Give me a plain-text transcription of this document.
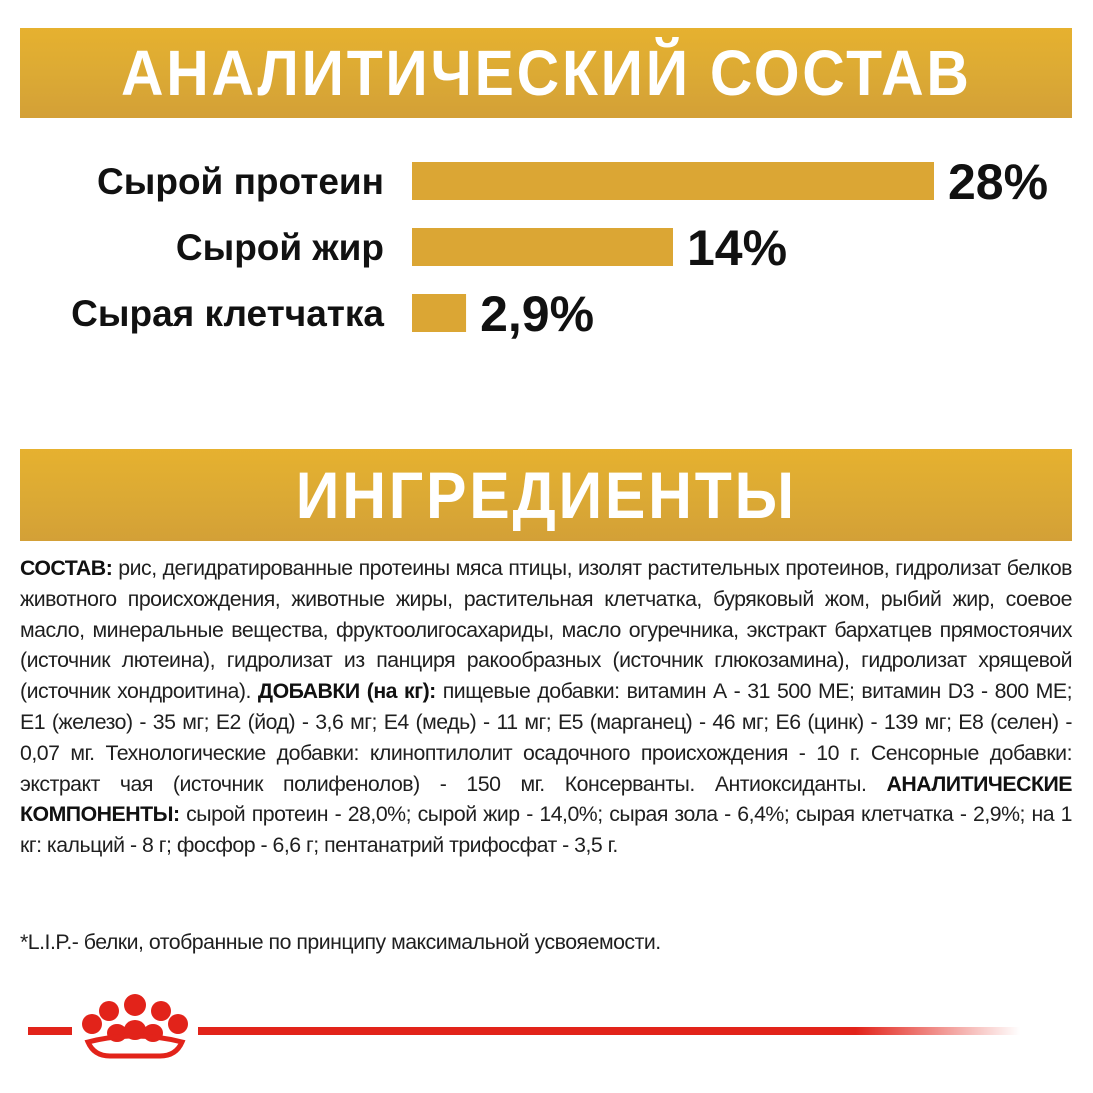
АНАЛИТИЧЕСКИЙ СОСТАВ
Сырой протеин	28%
Сырой жир	14%
Сырая клетчатка 2,9%
ИНГРЕДИЕНТЫ

СОСТАВ: рис, дегидратированные протеины мяса птицы, изолят растительных протеинов, гидролизат белков животного происхождения, животные жиры, растительная клетчатка, буряковый жом, рыбий жир, соевое масло, минеральные вещества, фруктоолигосахариды, масло огуречника, экстракт бархатцев прямостоячих (источник лютеина), гидролизат из панциря ракообразных (источник глюкозамина), гидролизат хрящевой (источник хондроитина). ДОБАВКИ (на кг): пищевые добавки: витамин А - 31 500 МЕ; витамин D3 - 800 МЕ; Е1 (железо) - 35 мг; Е2 (йод) - 3,6 мг; Е4 (медь) - 11 мг; Е5 (марганец) - 46 мг; Е6 (цинк) - 139 мг; Е8 (селен) - 0,07 мг. Технологические добавки: клиноптилолит осадочного происхождения - 10 г. Сенсорные добавки: экстракт чая (источник полифенолов) - 150 мг. Консерванты. Антиоксиданты. АНАЛИТИЧЕСКИЕ КОМПОНЕНТЫ: сырой протеин - 28,0%; сырой жир - 14,0%; сырая зола - 6,4%; сырая клетчатка - 2,9%; на 1 кг: кальций - 8 г; фосфор - 6,6 г; пентанатрий трифосфат - 3,5 г.

*L.I.P.- белки, отобранные по принципу максимальной усвояемости.
